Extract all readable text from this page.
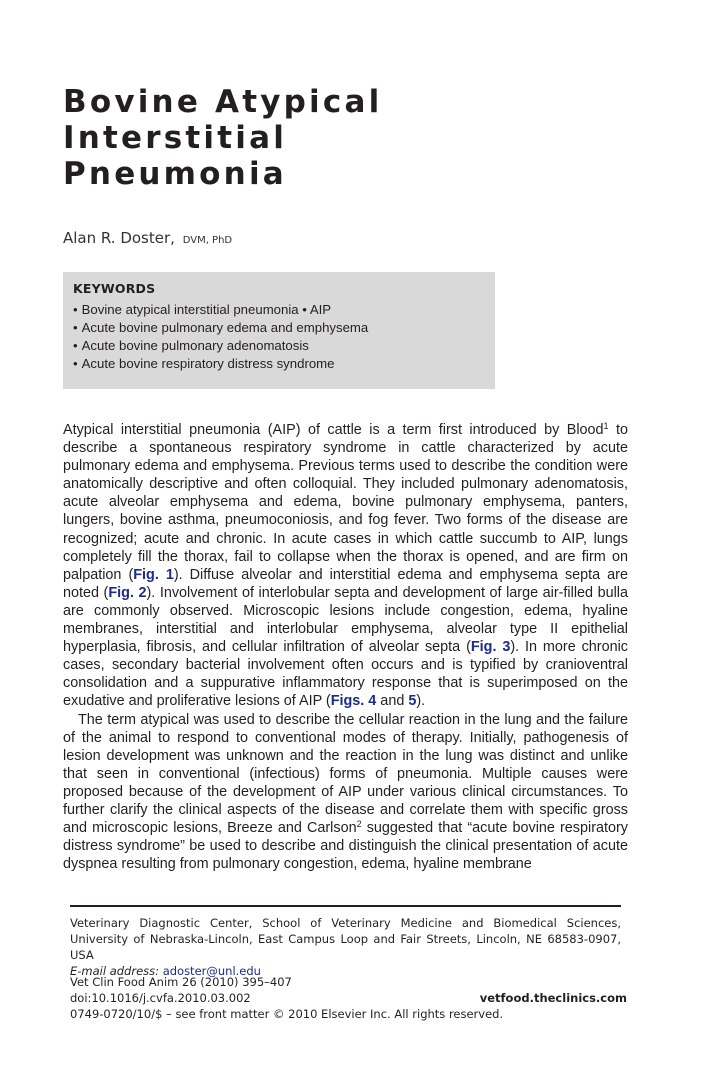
Bovine Atypical
Interstitial
Pneumonia
Alan R. Doster, DVM, PhD
KEYWORDS
• Bovine atypical interstitial pneumonia • AIP
• Acute bovine pulmonary edema and emphysema
• Acute bovine pulmonary adenomatosis
• Acute bovine respiratory distress syndrome

Atypical interstitial pneumonia (AIP) of cattle is a term first introduced by Blood$^1$ to describe a spontaneous respiratory syndrome in cattle characterized by acute pulmonary edema and emphysema. Previous terms used to describe the condition were anatomically descriptive and often colloquial. They included pulmonary adenomatosis, acute alveolar emphysema and edema, bovine pulmonary emphysema, panters, lungers, bovine asthma, pneumoconiosis, and fog fever. Two forms of the disease are recognized; acute and chronic. In acute cases in which cattle succumb to AIP, lungs completely fill the thorax, fail to collapse when the thorax is opened, and are firm on palpation (Fig. 1). Diffuse alveolar and interstitial edema and emphysema septa are noted (Fig. 2). Involvement of interlobular septa and development of large air-filled bulla are commonly observed. Microscopic lesions include congestion, edema, hyaline membranes, interstitial and interlobular emphysema, alveolar type II epithelial hyperplasia, fibrosis, and cellular infiltration of alveolar septa (Fig. 3). In more chronic cases, secondary bacterial involvement often occurs and is typified by cranioventral consolidation and a suppurative inflammatory response that is superimposed on the exudative and proliferative lesions of AIP (Figs. 4 and 5).

The term atypical was used to describe the cellular reaction in the lung and the failure of the animal to respond to conventional modes of therapy. Initially, pathogenesis of lesion development was unknown and the reaction in the lung was distinct and unlike that seen in conventional (infectious) forms of pneumonia. Multiple causes were proposed because of the development of AIP under various clinical circumstances. To further clarify the clinical aspects of the disease and correlate them with specific gross and microscopic lesions, Breeze and Carlson$^2$ suggested that “acute bovine respiratory distress syndrome” be used to describe and distinguish the clinical presentation of acute dyspnea resulting from pulmonary congestion, edema, hyaline membrane

Veterinary Diagnostic Center, School of Veterinary Medicine and Biomedical Sciences, University of Nebraska-Lincoln, East Campus Loop and Fair Streets, Lincoln, NE 68583-0907, USA
E-mail address: adoster@unl.edu
Vet Clin Food Anim 26 (2010) 395–407
doi:10.1016/j.cvfa.2010.03.002	vetfood.theclinics.com
0749-0720/10/$ – see front matter © 2010 Elsevier Inc. All rights reserved.
